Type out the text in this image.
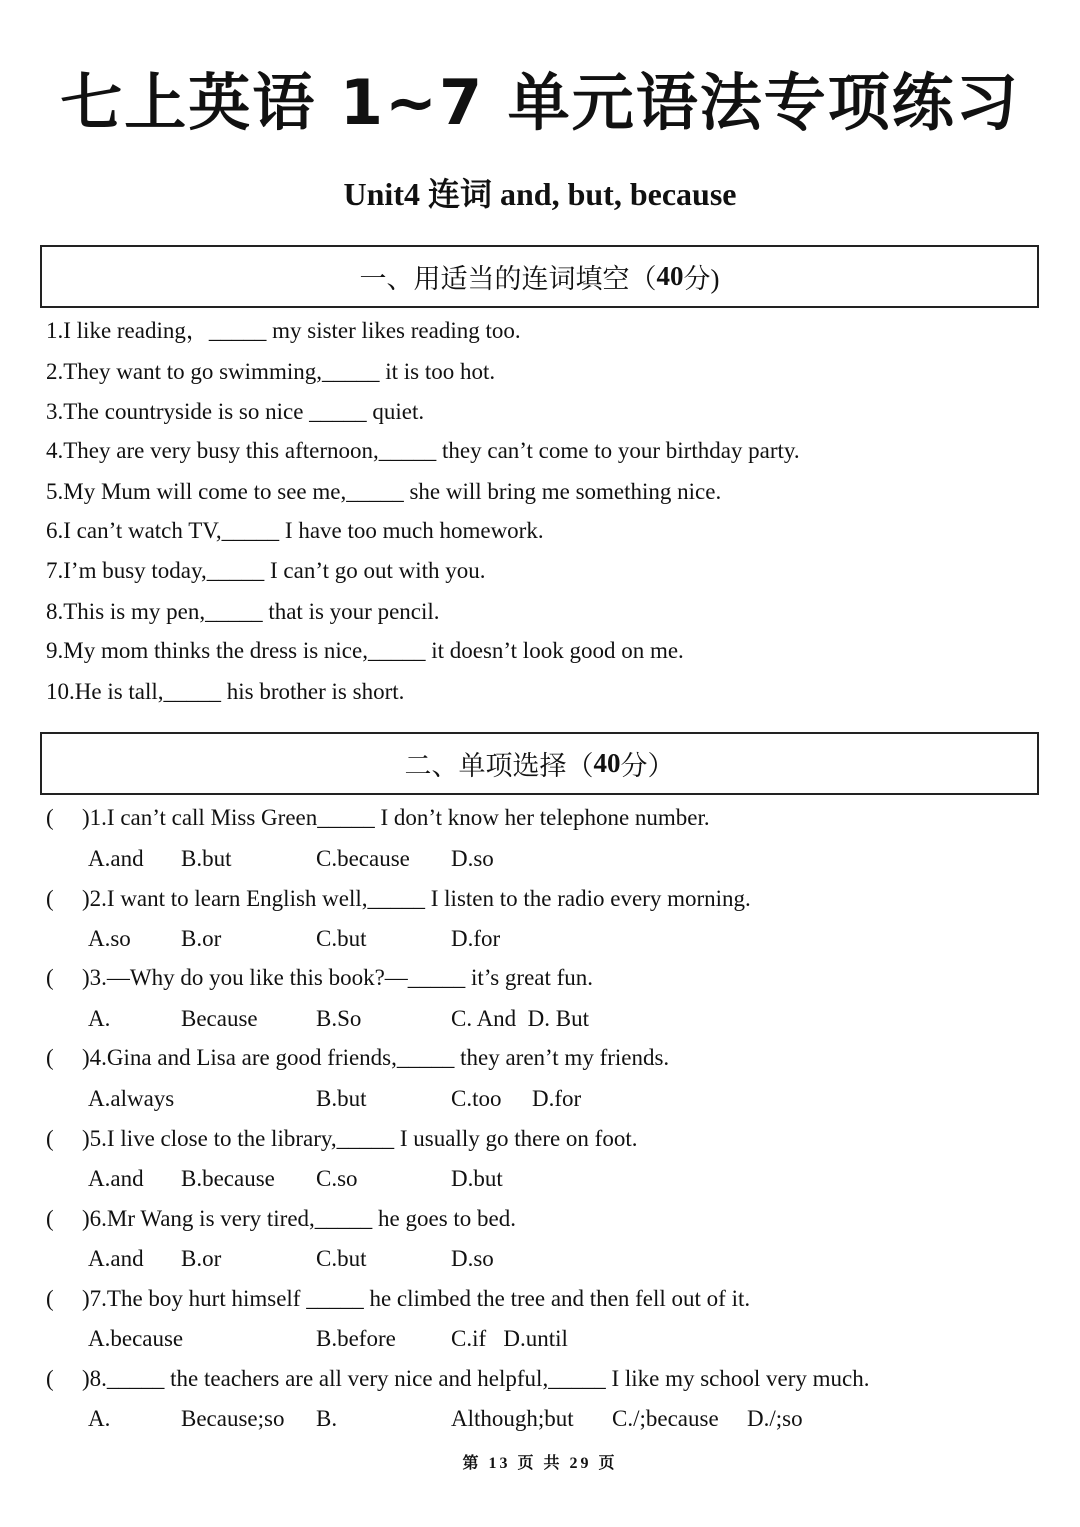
七上英语 1~7 单元语法专项练习
Unit4 连词 and, but, because
一、用适当的连词填空（ 40 分)
1.I like reading，_____ my sister likes reading too.
2.They want to go swimming,_____ it is too hot.
3.The countryside is so nice _____ quiet.
4.They are very busy this afternoon,_____ they can’t come to your birthday party.
5.My Mum will come to see me,_____ she will bring me something nice.
6.I can’t watch TV,_____ I have too much homework.
7.I’m busy today,_____ I can’t go out with you.
8.This is my pen,_____ that is your pencil.
9.My mom thinks the dress is nice,_____ it doesn’t look good on me.
10.He is tall,_____ his brother is short.
二、单项选择（ 40 分）
( )1.I can’t call Miss Green_____ I don’t know her telephone number.
A.and B.but	C.because D.so
( )2.I want to learn English well,_____ I listen to the radio every morning.
A.so B.or	C.but	D.for
( )3.—Why do you like this book?—_____ it’s great fun.
A.	Because	B.So	C. And  D. But
( )4.Gina and Lisa are good friends,_____ they aren’t my friends.
A.always	B.but	C.too D.for
( )5.I live close to the library,_____ I usually go there on foot.
A.and B.because C.so	D.but
( )6.Mr Wang is very tired,_____ he goes to bed.
A.and B.or	C.but	D.so
( )7.The boy hurt himself _____ he climbed the tree and then fell out of it.
A.because	B.before C.if   D.until
( )8._____ the teachers are all very nice and helpful,_____ I like my school very much.
A.	Because;so B.	Although;but C./;because D./;so
第 13 页 共 29 页
